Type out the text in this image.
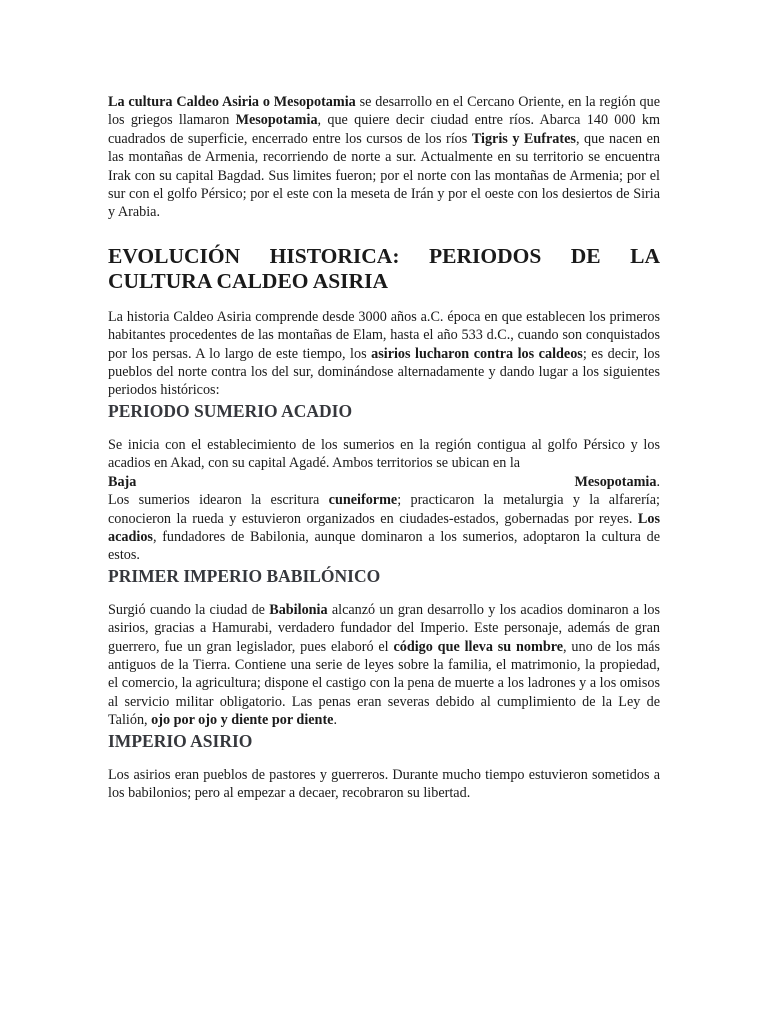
La cultura Caldeo Asiria o Mesopotamia se desarrollo en el Cercano Oriente, en la región que los griegos llamaron Mesopotamia, que quiere decir ciudad entre ríos. Abarca 140 000 km cuadrados de superficie, encerrado entre los cursos de los ríos Tigris y Eufrates, que nacen en las montañas de Armenia, recorriendo de norte a sur. Actualmente en su territorio se encuentra Irak con su capital Bagdad. Sus limites fueron; por el norte con las montañas de Armenia; por el sur con el golfo Pérsico; por el este con la meseta de Irán y por el oeste con los desiertos de Siria y Arabia.

EVOLUCIÓN HISTORICA: PERIODOS DE LA CULTURA CALDEO ASIRIA

La historia Caldeo Asiria comprende desde 3000 años a.C. época en que establecen los primeros habitantes procedentes de las montañas de Elam, hasta el año 533 d.C., cuando son conquistados por los persas. A lo largo de este tiempo, los asirios lucharon contra los caldeos; es decir, los pueblos del norte contra los del sur, dominándose alternadamente y dando lugar a los siguientes periodos históricos:

PERIODO SUMERIO ACADIO

Se inicia con el establecimiento de los sumerios en la región contigua al golfo Pérsico y los acadios en Akad, con su capital Agadé. Ambos territorios se ubican en la

Baja	Mesopotamia.

Los sumerios idearon la escritura cuneiforme; practicaron la metalurgia y la alfarería; conocieron la rueda y estuvieron organizados en ciudades-estados, gobernadas por reyes. Los acadios, fundadores de Babilonia, aunque dominaron a los sumerios, adoptaron la cultura de estos.

PRIMER IMPERIO BABILÓNICO

Surgió cuando la ciudad de Babilonia alcanzó un gran desarrollo y los acadios dominaron a los asirios, gracias a Hamurabi, verdadero fundador del Imperio. Este personaje, además de gran guerrero, fue un gran legislador, pues elaboró el código que lleva su nombre, uno de los más antiguos de la Tierra. Contiene una serie de leyes sobre la familia, el matrimonio, la propiedad, el comercio, la agricultura; dispone el castigo con la pena de muerte a los ladrones y a los omisos al servicio militar obligatorio. Las penas eran severas debido al cumplimiento de la Ley de Talión, ojo por ojo y diente por diente.

IMPERIO ASIRIO

Los asirios eran pueblos de pastores y guerreros. Durante mucho tiempo estuvieron sometidos a los babilonios; pero al empezar a decaer, recobraron su libertad.
